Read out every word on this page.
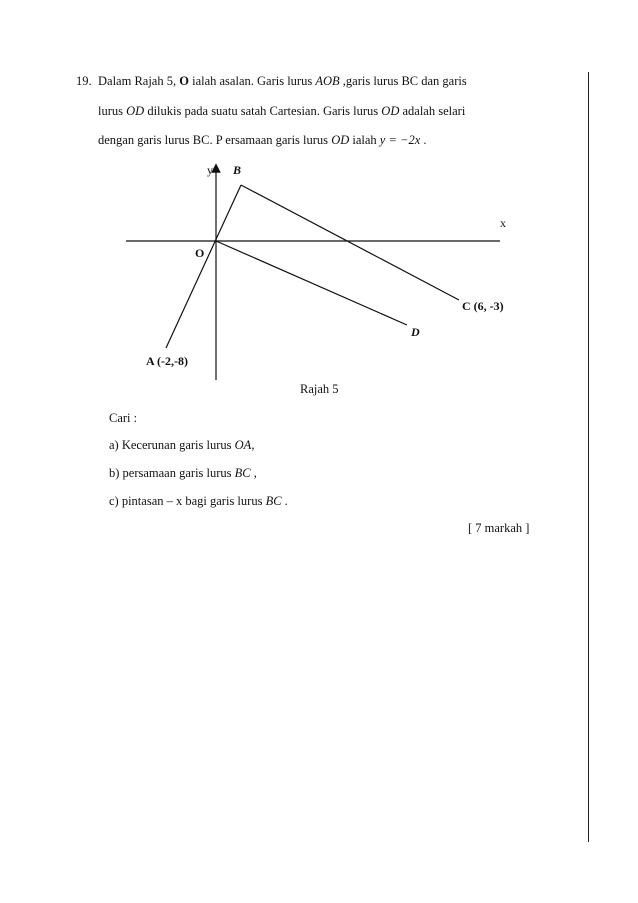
19. Dalam Rajah 5, O ialah asalan. Garis lurus AOB ,garis lurus BC dan garis
lurus OD dilukis pada suatu satah Cartesian. Garis lurus OD adalah selari
dengan garis lurus BC. P ersamaan garis lurus OD ialah y = −2x .
y B
x
O
C (6, -3)
D
A (-2,-8)
Rajah 5
Cari :
a) Kecerunan garis lurus OA,
b) persamaan garis lurus BC ,
c) pintasan – x bagi garis lurus BC .
[ 7 markah ]
